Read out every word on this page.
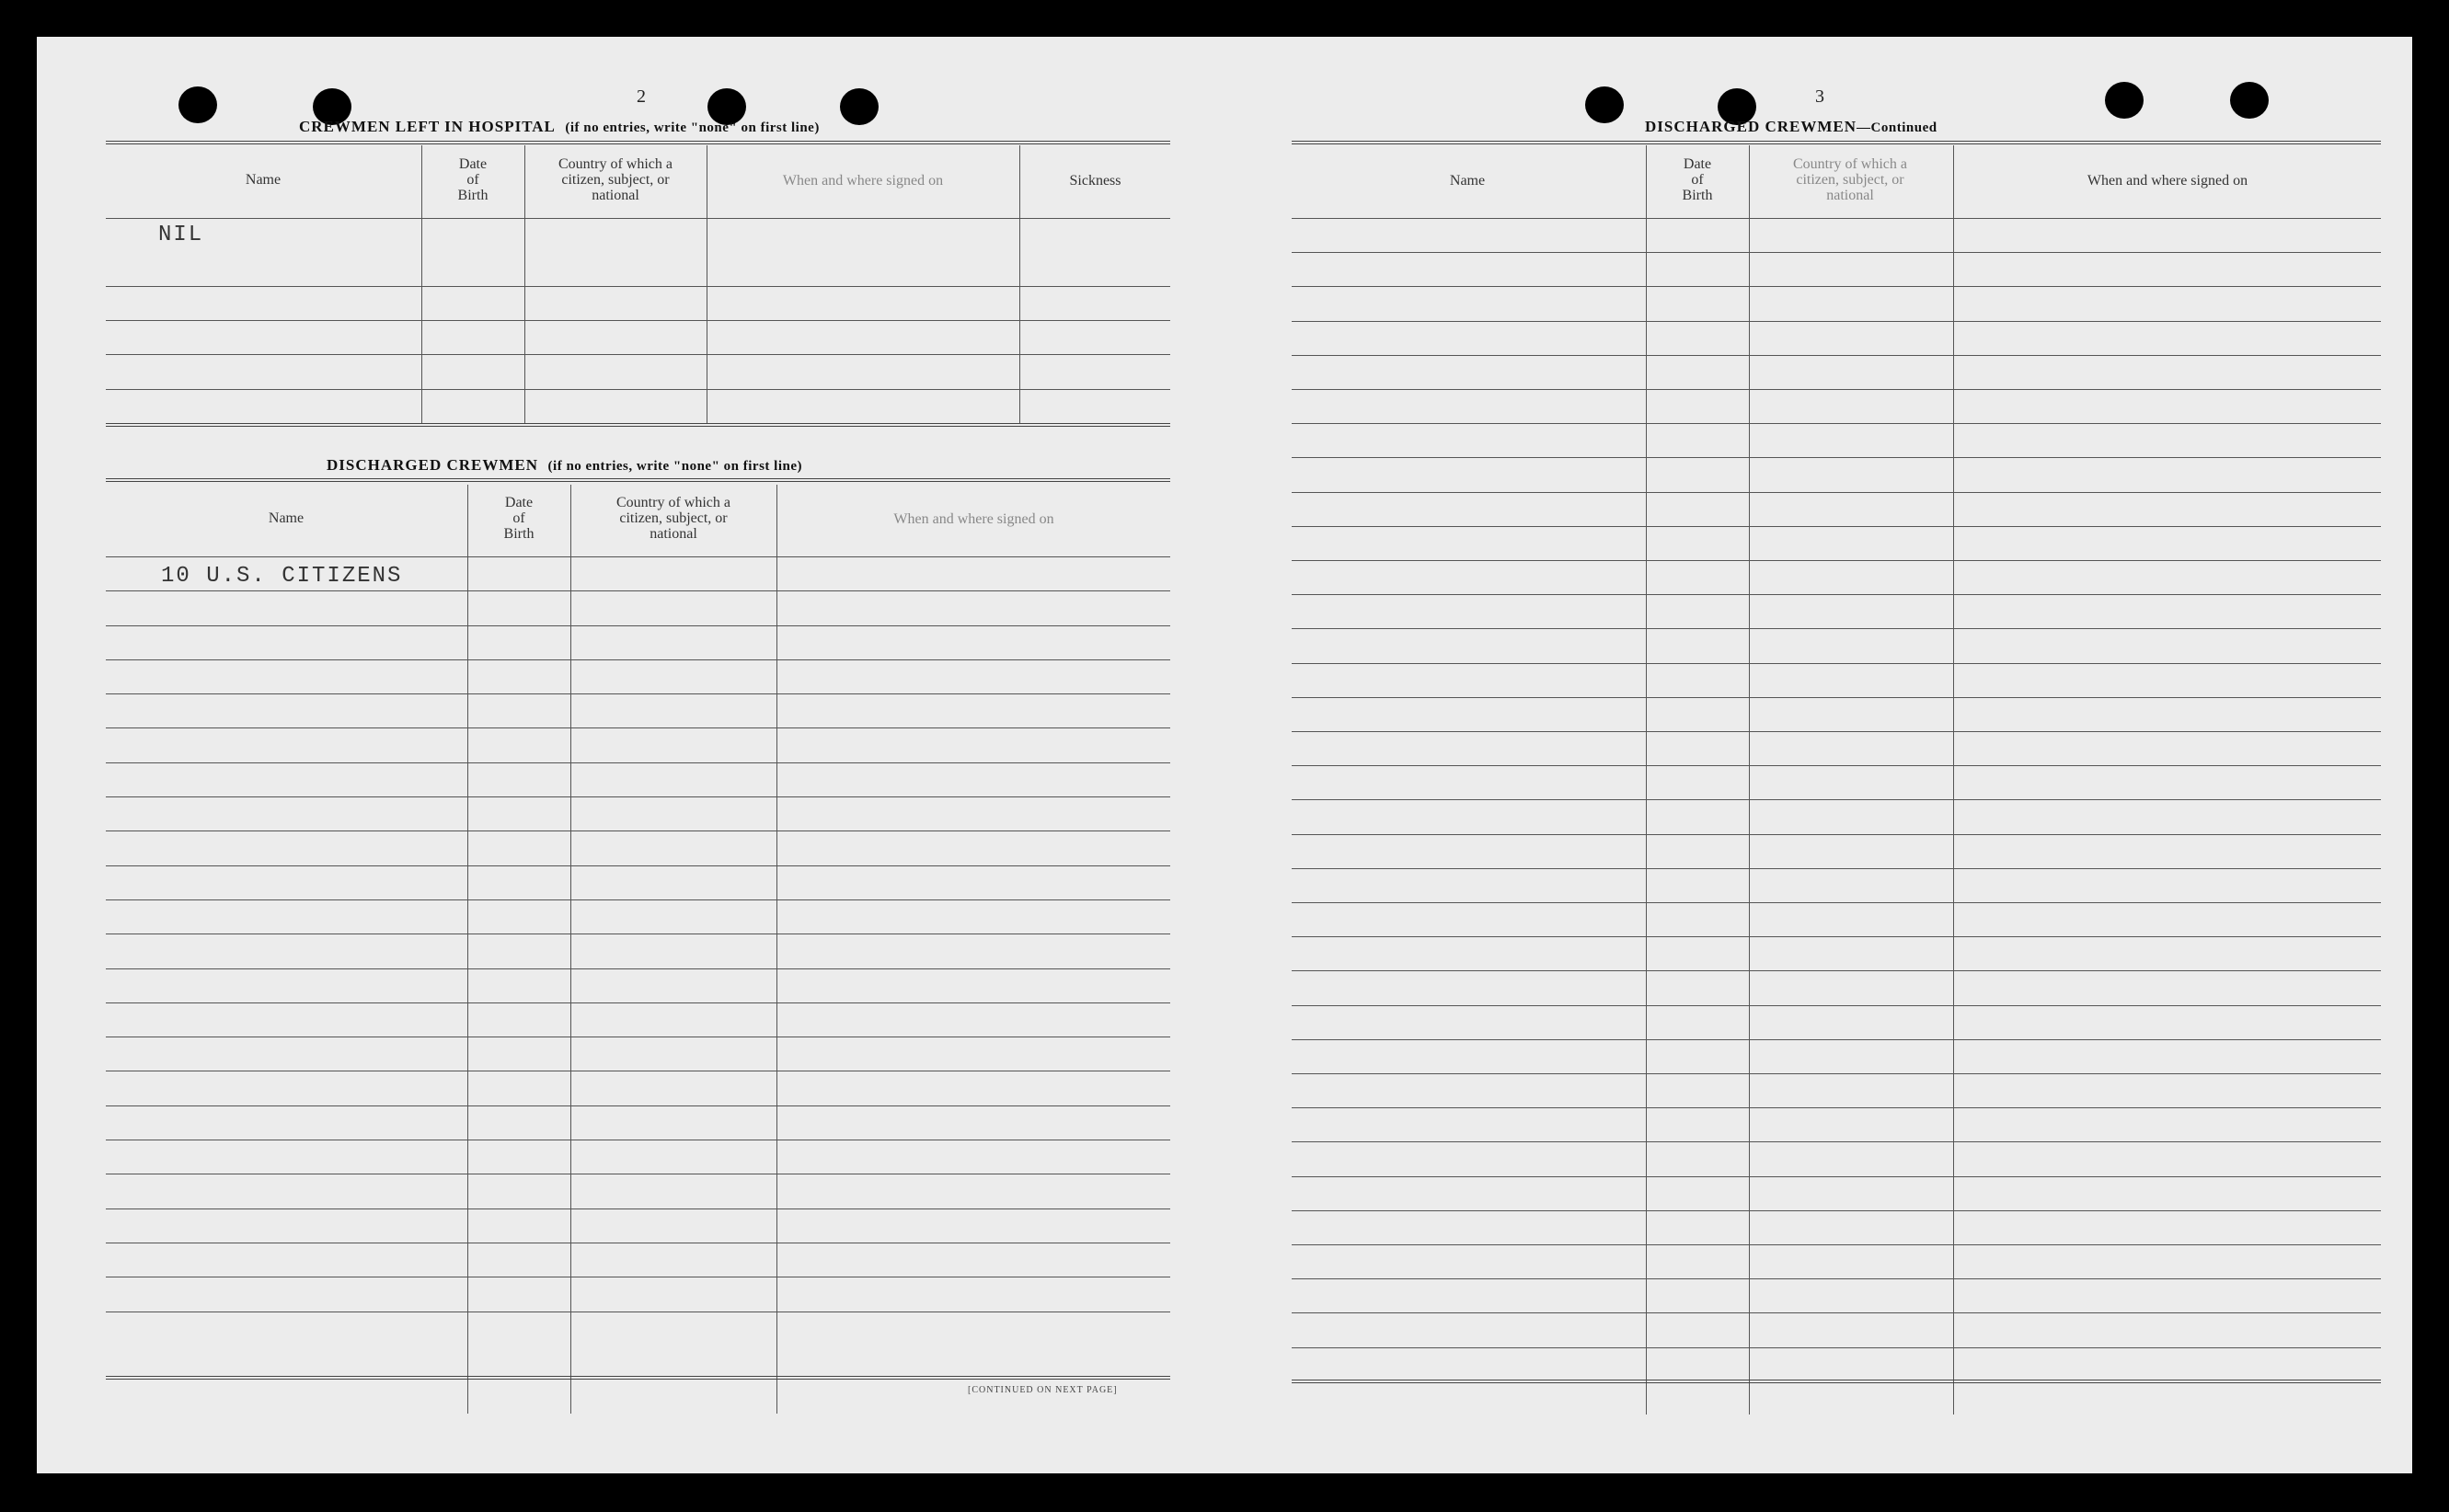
2
CREWMEN LEFT IN HOSPITAL (if no entries, write "none" on first line)
Name
Date
of
Birth
Country of which a
citizen, subject, or
national
When and where signed on	Sickness
NIL
DISCHARGED CREWMEN (if no entries, write "none" on first line)
Name
Date
of
Birth
Country of which a
citizen, subject, or
national
When and where signed on
10 U.S. CITIZENS
[CONTINUED ON NEXT PAGE]
3
DISCHARGED CREWMEN—Continued
Name
Date
of
Birth
Country of which a
citizen, subject, or
national
When and where signed on
